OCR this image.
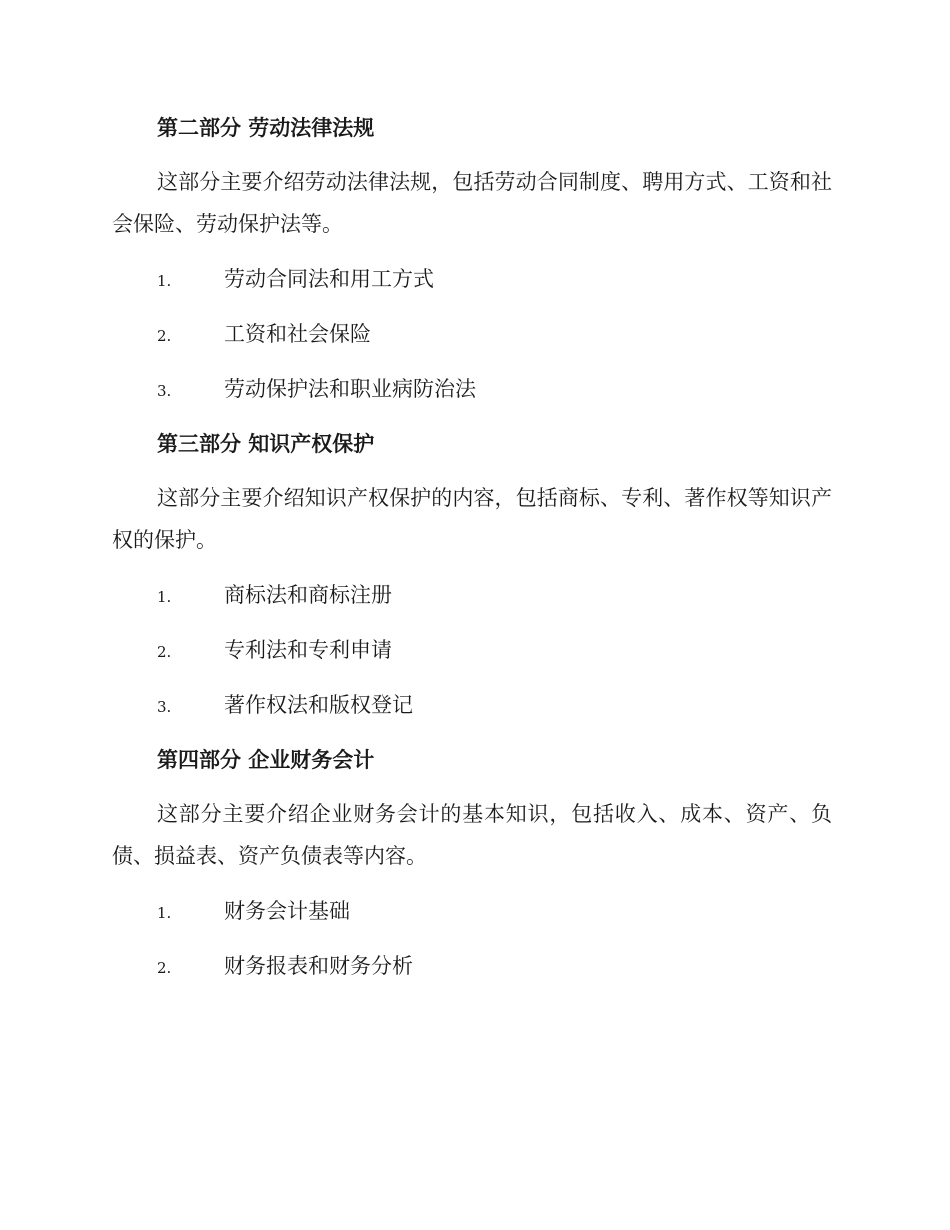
第二部分 劳动法律法规
这部分主要介绍劳动法律法规，包括劳动合同制度、聘用方式、工资和社会保险、劳动保护法等。
1.	劳动合同法和用工方式
2.	工资和社会保险
3.	劳动保护法和职业病防治法
第三部分 知识产权保护
这部分主要介绍知识产权保护的内容，包括商标、专利、著作权等知识产权的保护。
1.	商标法和商标注册
2.	专利法和专利申请
3.	著作权法和版权登记
第四部分 企业财务会计
这部分主要介绍企业财务会计的基本知识，包括收入、成本、资产、负债、损益表、资产负债表等内容。
1.	财务会计基础
2.	财务报表和财务分析
